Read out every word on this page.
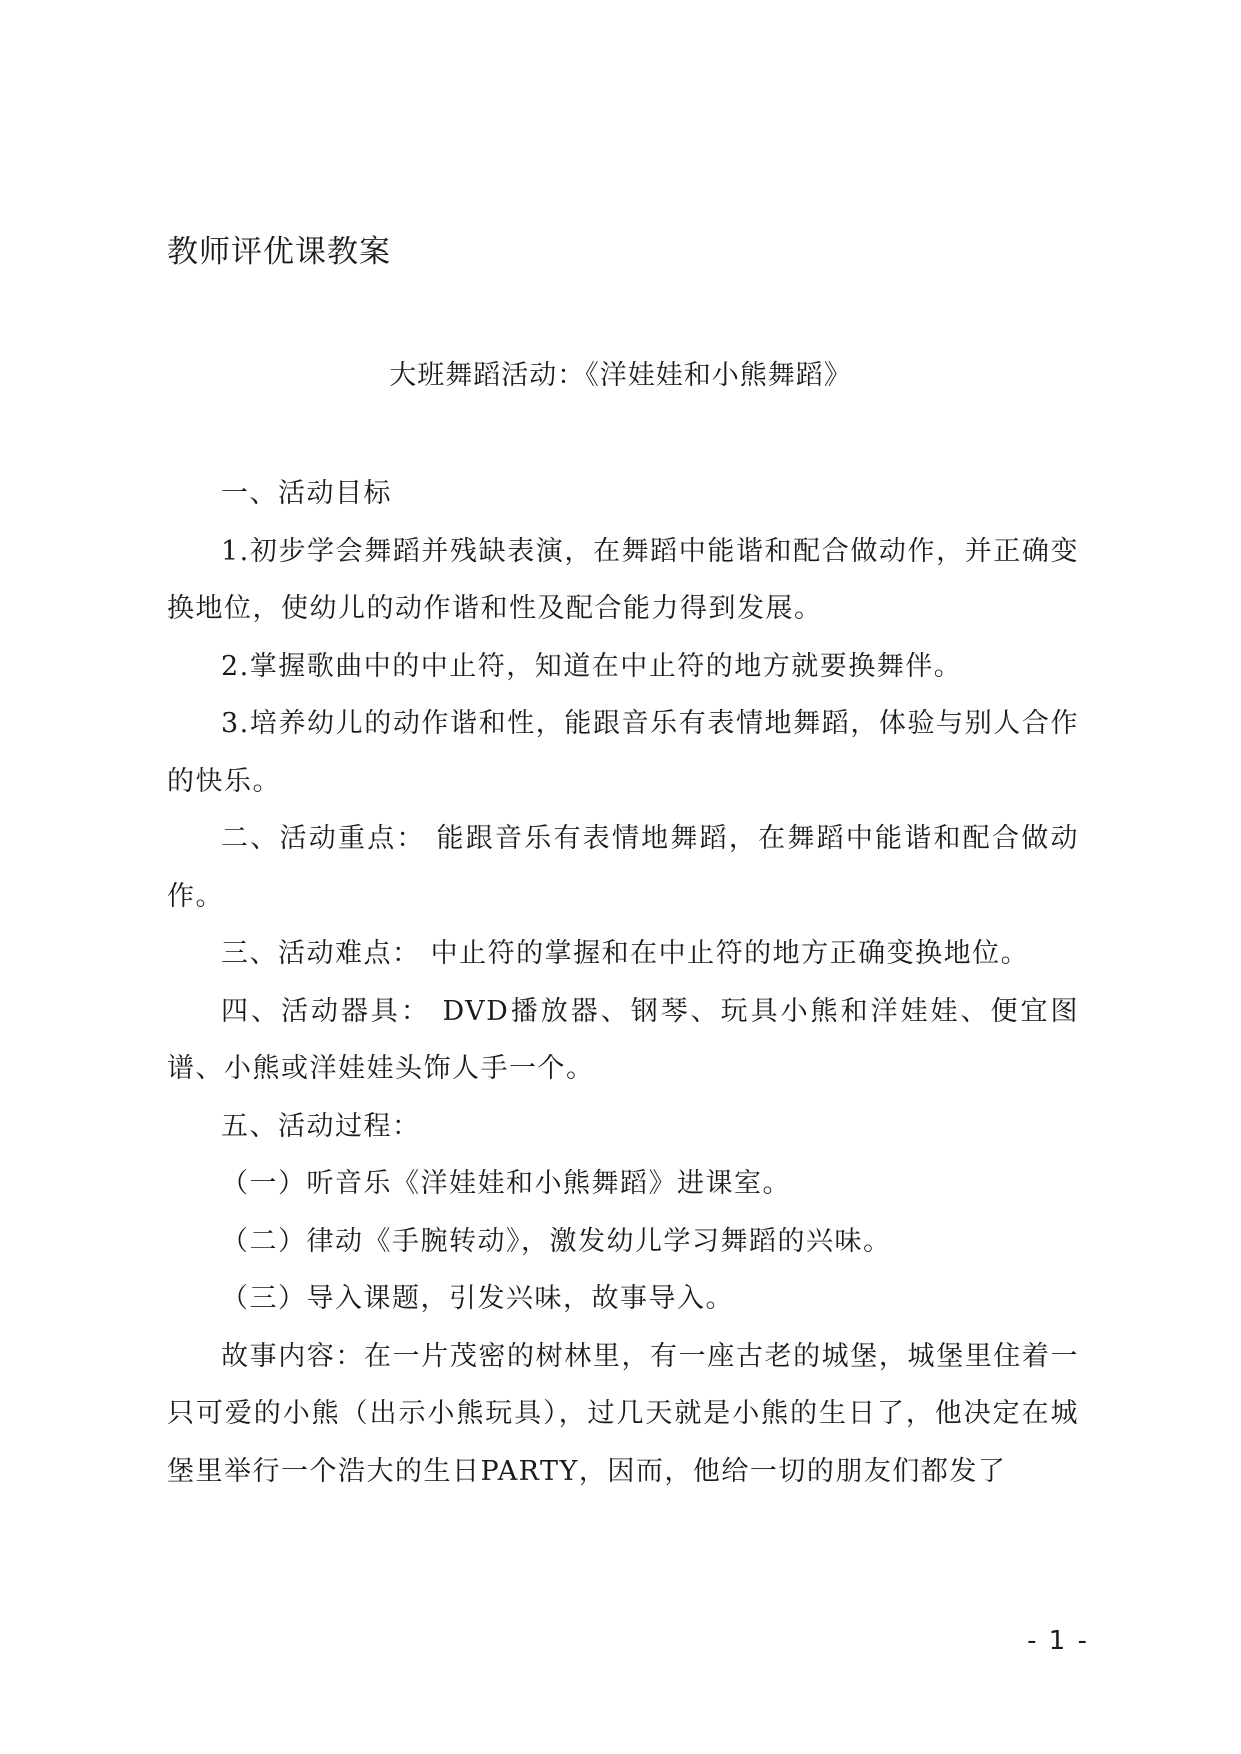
教师评优课教案
大班舞蹈活动：《洋娃娃和小熊舞蹈》

一、活动目标

1.初步学会舞蹈并残缺表演，在舞蹈中能谐和配合做动作，并正确变换地位，使幼儿的动作谐和性及配合能力得到发展。

2.掌握歌曲中的中止符，知道在中止符的地方就要换舞伴。

3.培养幼儿的动作谐和性，能跟音乐有表情地舞蹈，体验与别人合作的快乐。

二、活动重点： 能跟音乐有表情地舞蹈，在舞蹈中能谐和配合做动作。

三、活动难点： 中止符的掌握和在中止符的地方正确变换地位。

四、活动器具： DVD播放器、钢琴、玩具小熊和洋娃娃、便宜图谱、小熊或洋娃娃头饰人手一个。

五、活动过程：

（一）听音乐《洋娃娃和小熊舞蹈》进课室。

（二）律动《手腕转动》，激发幼儿学习舞蹈的兴味。

（三）导入课题，引发兴味，故事导入。

故事内容：在一片茂密的树林里，有一座古老的城堡，城堡里住着一只可爱的小熊（出示小熊玩具），过几天就是小熊的生日了，他决定在城堡里举行一个浩大的生日PARTY，因而，他给一切的朋友们都发了

- 1 -
